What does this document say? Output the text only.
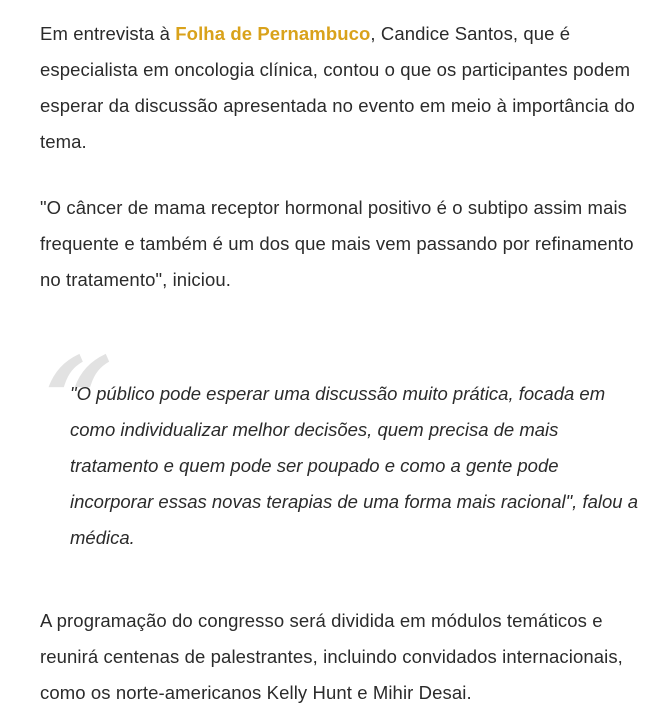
Em entrevista à Folha de Pernambuco, Candice Santos, que é especialista em oncologia clínica, contou o que os participantes podem esperar da discussão apresentada no evento em meio à importância do tema.

"O câncer de mama receptor hormonal positivo é o subtipo assim mais frequente e também é um dos que mais vem passando por refinamento no tratamento", iniciou.

“

"O público pode esperar uma discussão muito prática, focada em como individualizar melhor decisões, quem precisa de mais tratamento e quem pode ser poupado e como a gente pode incorporar essas novas terapias de uma forma mais racional", falou a médica.

A programação do congresso será dividida em módulos temáticos e reunirá centenas de palestrantes, incluindo convidados internacionais, como os norte-americanos Kelly Hunt e Mihir Desai.
